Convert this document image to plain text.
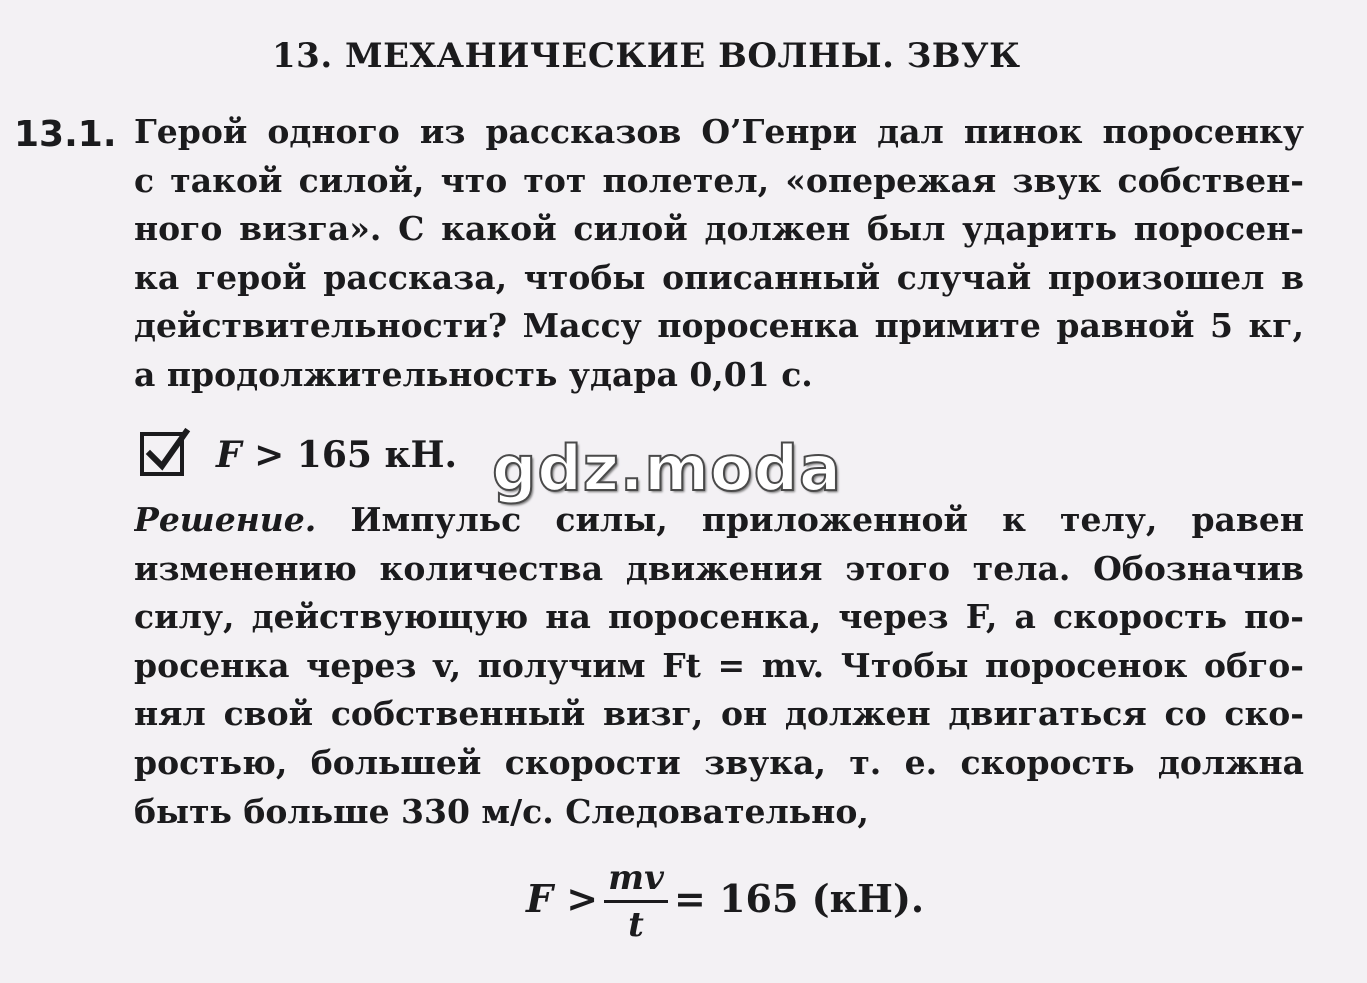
13. МЕХАНИЧЕСКИЕ ВОЛНЫ. ЗВУК
13.1. Герой одного из рассказов О’Генри дал пинок поросенку
с такой силой, что тот полетел, «опережая звук собствен-
ного визга». С какой силой должен был ударить поросен-
ка герой рассказа, чтобы описанный случай произошел в
действительности? Массу поросенка примите равной 5 кг,
а продолжительность удара 0,01 с.
F > 165 кН. gdz.moda
Решение. Импульс силы, приложенной к телу, равен
изменению количества движения этого тела. Обозначив
силу, действующую на поросенка, через F, а скорость по-
росенка через v, получим Ft = mv. Чтобы поросенок обго-
нял свой собственный визг, он должен двигаться со ско-
ростью, большей скорости звука, т. е. скорость должна
быть больше 330 м/с. Следовательно,
F > mv
t
= 165 (кН).
